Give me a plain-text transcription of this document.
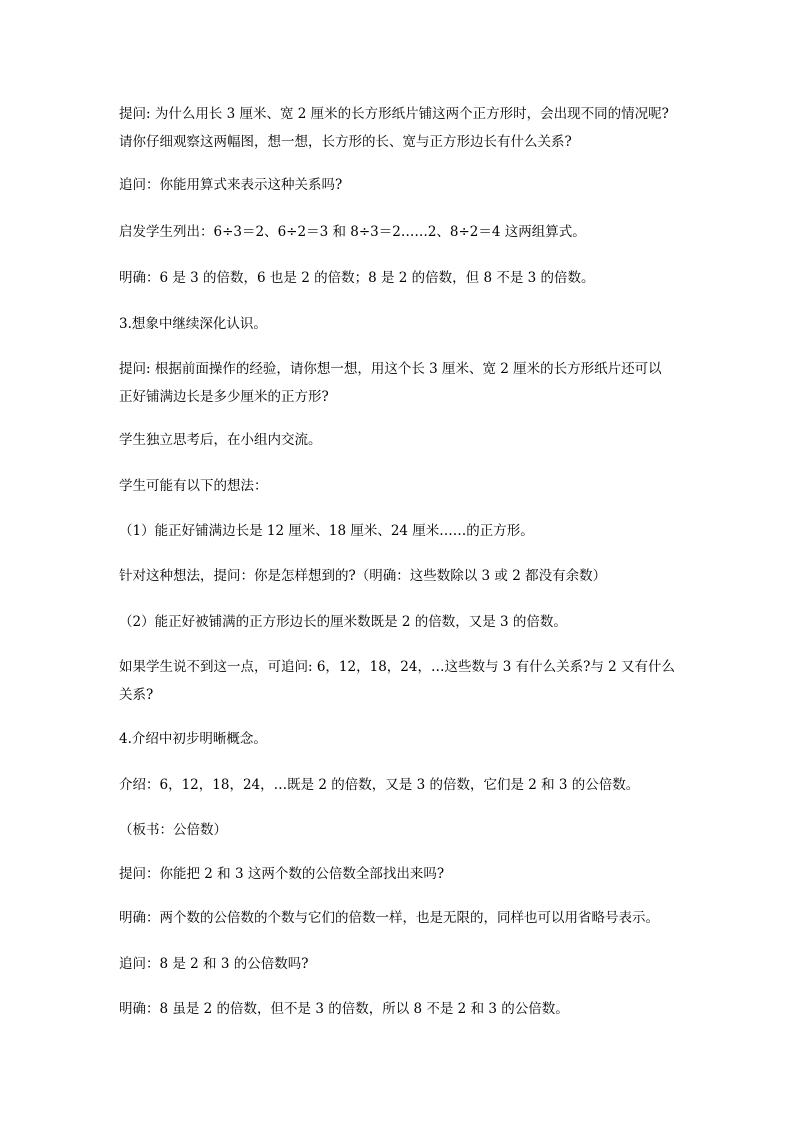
提问: 为什么用长 3 厘米、宽 2 厘米的长方形纸片铺这两个正方形时，会出现不同的情况呢?
请你仔细观察这两幅图，想一想，长方形的长、宽与正方形边长有什么关系?
追问：你能用算式来表示这种关系吗?
启发学生列出：6÷3＝2、6÷2＝3 和 8÷3＝2……2、8÷2＝4 这两组算式。
明确：6 是 3 的倍数，6 也是 2 的倍数；8 是 2 的倍数，但 8 不是 3 的倍数。
3.想象中继续深化认识。
提问: 根据前面操作的经验，请你想一想，用这个长 3 厘米、宽 2 厘米的长方形纸片还可以
正好铺满边长是多少厘米的正方形?
学生独立思考后，在小组内交流。
学生可能有以下的想法：
（1）能正好铺满边长是 12 厘米、18 厘米、24 厘米……的正方形。
针对这种想法，提问：你是怎样想到的?（明确：这些数除以 3 或 2 都没有余数）
（2）能正好被铺满的正方形边长的厘米数既是 2 的倍数，又是 3 的倍数。
如果学生说不到这一点，可追问: 6，12，18，24，…这些数与 3 有什么关系?与 2 又有什么
关系?
4.介绍中初步明晰概念。
介绍：6，12，18，24，…既是 2 的倍数，又是 3 的倍数，它们是 2 和 3 的公倍数。
（板书：公倍数）
提问：你能把 2 和 3 这两个数的公倍数全部找出来吗?
明确：两个数的公倍数的个数与它们的倍数一样，也是无限的，同样也可以用省略号表示。
追问：8 是 2 和 3 的公倍数吗?
明确：8 虽是 2 的倍数，但不是 3 的倍数，所以 8 不是 2 和 3 的公倍数。
